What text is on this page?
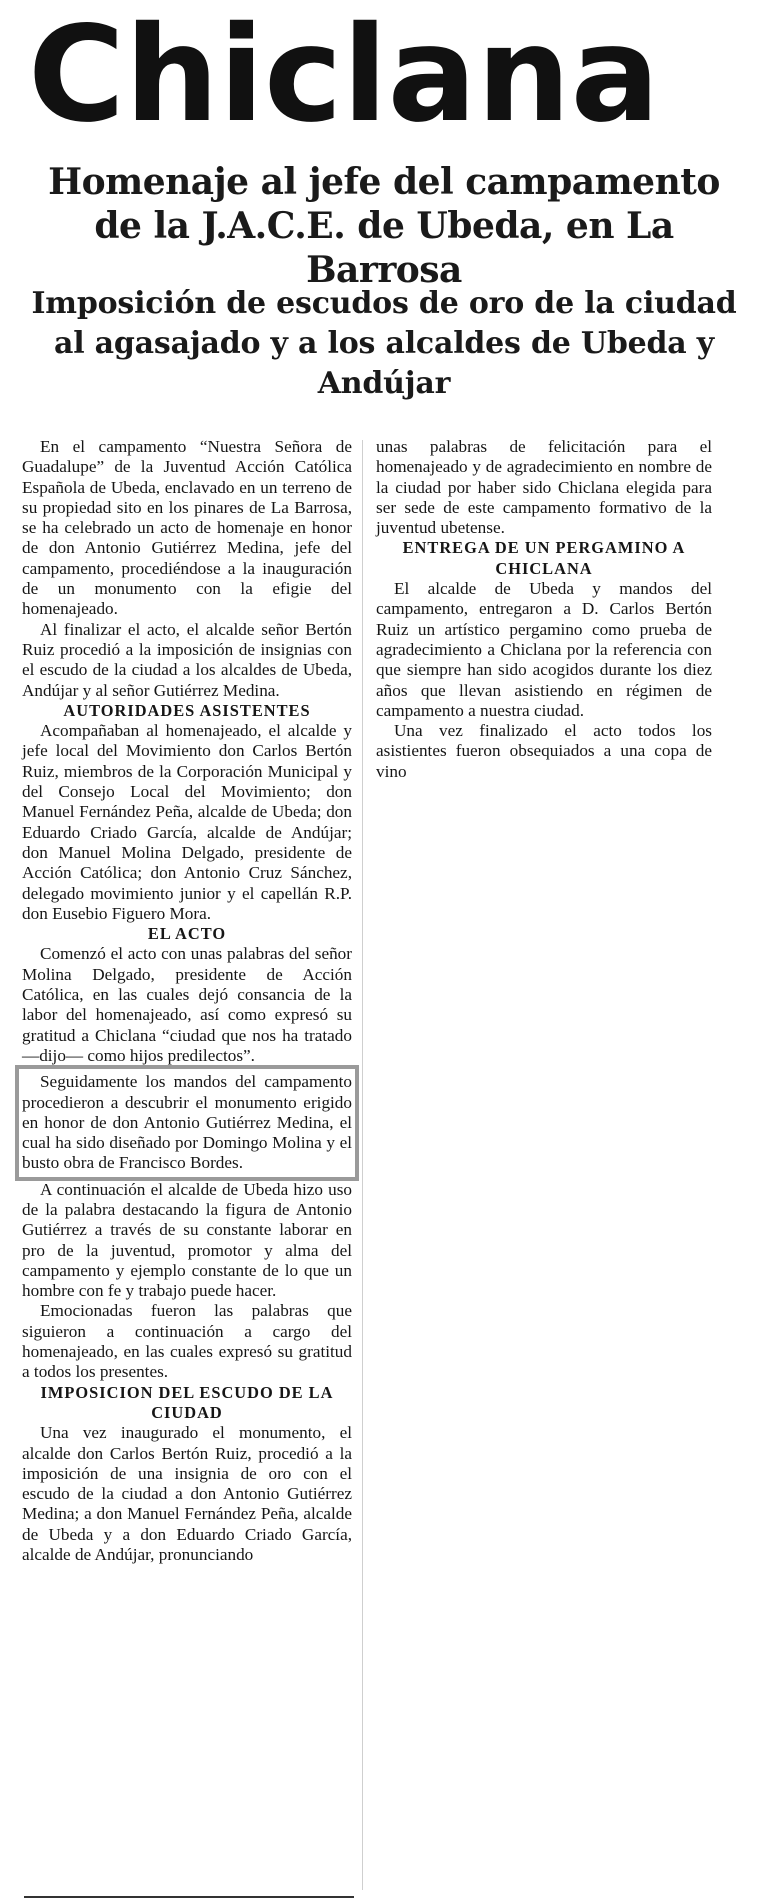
Chiclana
Homenaje al jefe del campamento de la J.A.C.E. de Ubeda, en La Barrosa
Imposición de escudos de oro de la ciudad al agasajado y a los alcaldes de Ubeda y Andújar

En el campamento “Nuestra Señora de Guadalupe” de la Juventud Acción Católica Española de Ubeda, enclavado en un terreno de su propiedad sito en los pinares de La Barrosa, se ha celebrado un acto de homenaje en honor de don Antonio Gutiérrez Medina, jefe del campamento, procediéndose a la inauguración de un monumento con la efigie del homenajeado.

Al finalizar el acto, el alcalde señor Bertón Ruiz procedió a la imposición de insignias con el escudo de la ciudad a los alcaldes de Ubeda, Andújar y al señor Gutiérrez Medina.

AUTORIDADES ASISTENTES

Acompañaban al homenajeado, el alcalde y jefe local del Movimiento don Carlos Bertón Ruiz, miembros de la Corporación Municipal y del Consejo Local del Movimiento; don Manuel Fernández Peña, alcalde de Ubeda; don Eduardo Criado García, alcalde de Andújar; don Manuel Molina Delgado, presidente de Acción Católica; don Antonio Cruz Sánchez, delegado movimiento junior y el capellán R.P. don Eusebio Figuero Mora.

EL ACTO

Comenzó el acto con unas palabras del señor Molina Delgado, presidente de Acción Católica, en las cuales dejó consancia de la labor del homenajeado, así como expresó su gratitud a Chiclana “ciudad que nos ha tratado —dijo— como hijos predilectos”.

Seguidamente los mandos del campamento procedieron a descubrir el monumento erigido en honor de don Antonio Gutiérrez Medina, el cual ha sido diseñado por Domingo Molina y el busto obra de Francisco Bordes.

A continuación el alcalde de Ubeda hizo uso de la palabra destacando la figura de Antonio Gutiérrez a través de su constante laborar en pro de la juventud, promotor y alma del campamento y ejemplo constante de lo que un hombre con fe y trabajo puede hacer.

Emocionadas fueron las palabras que siguieron a continuación a cargo del homenajeado, en las cuales expresó su gratitud a todos los presentes.

IMPOSICION DEL ESCUDO DE LA CIUDAD

Una vez inaugurado el monumento, el alcalde don Carlos Bertón Ruiz, procedió a la imposición de una insignia de oro con el escudo de la ciudad a don Antonio Gutiérrez Medina; a don Manuel Fernández Peña, alcalde de Ubeda y a don Eduardo Criado García, alcalde de Andújar, pronunciando

unas palabras de felicitación para el homenajeado y de agradecimiento en nombre de la ciudad por haber sido Chiclana elegida para ser sede de este campamento formativo de la juventud ubetense.

ENTREGA DE UN PERGAMINO A CHICLANA

El alcalde de Ubeda y mandos del campamento, entregaron a D. Carlos Bertón Ruiz un artístico pergamino como prueba de agradecimiento a Chiclana por la referencia con que siempre han sido acogidos durante los diez años que llevan asistiendo en régimen de campamento a nuestra ciudad.

Una vez finalizado el acto todos los asistientes fueron obsequiados a una copa de vino
